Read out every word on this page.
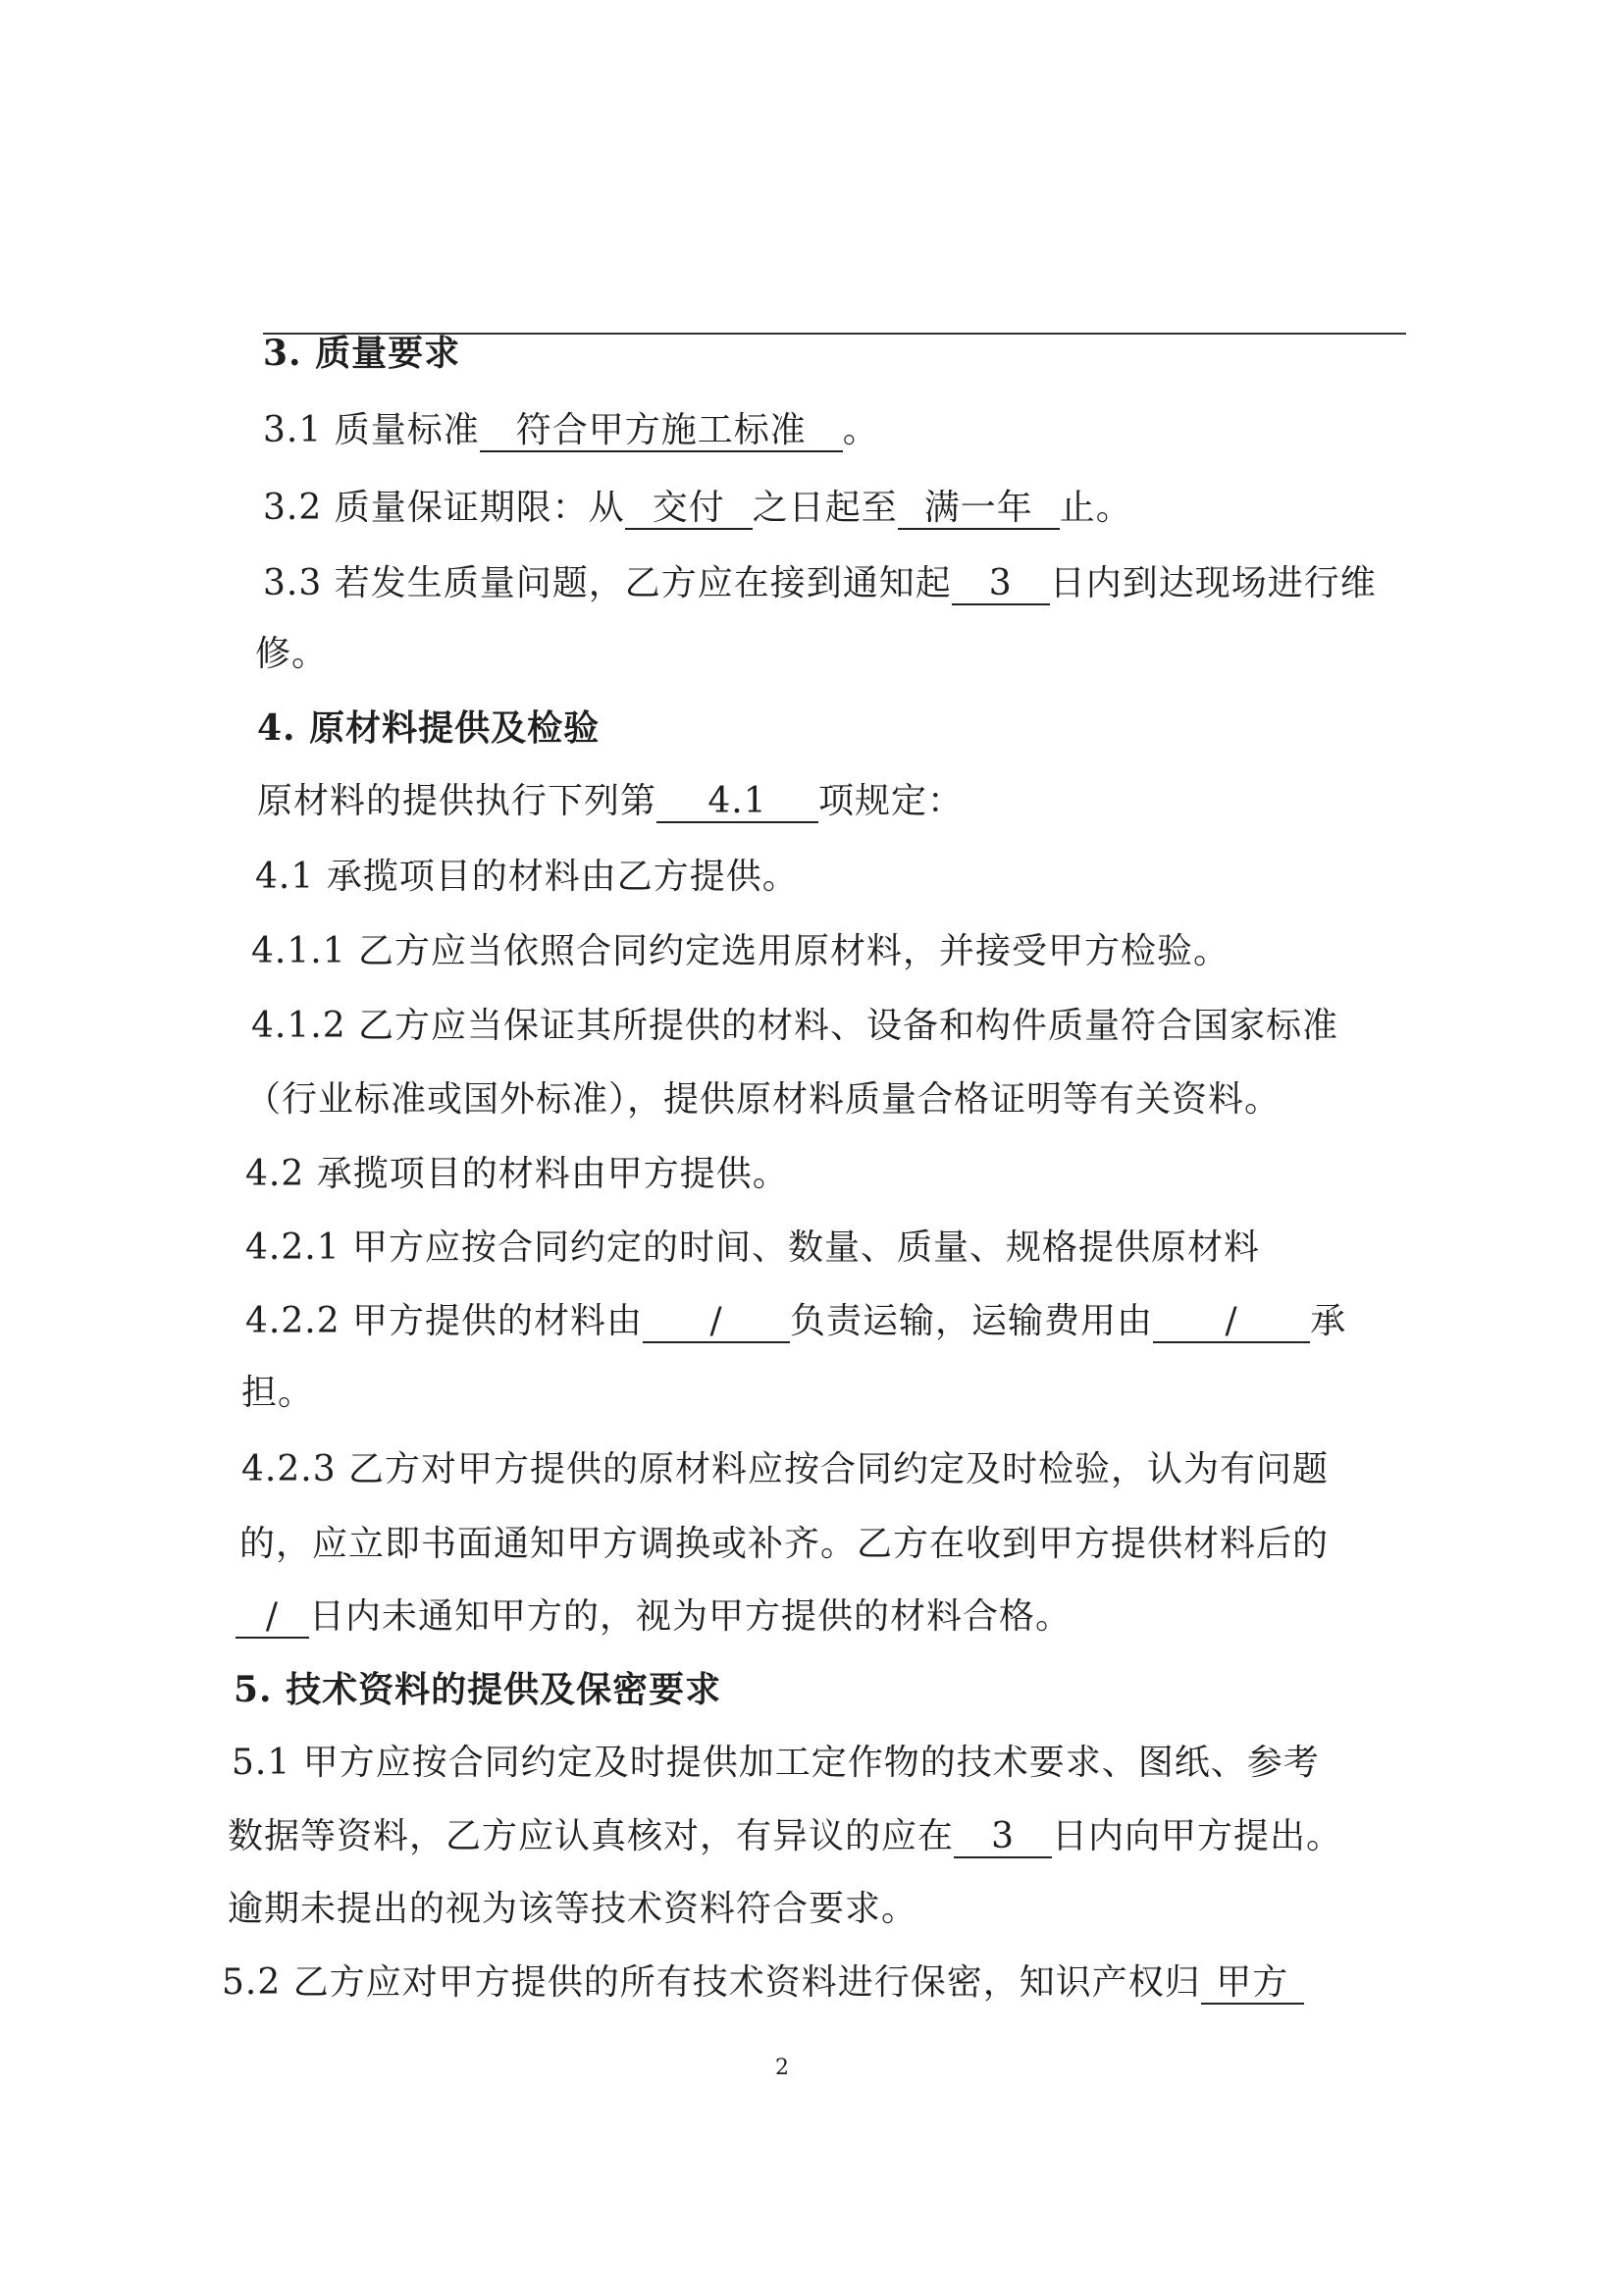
3. 质量要求
3.1 质量标准 符合甲方施工标准 。
3.2 质量保证期限：从 交付 之日起至 满一年 止。
3.3 若发生质量问题，乙方应在接到通知起 3 日内到达现场进行维
修。
4. 原材料提供及检验
原材料的提供执行下列第 4.1 项规定：
4.1 承揽项目的材料由乙方提供。
4.1.1 乙方应当依照合同约定选用原材料，并接受甲方检验。
4.1.2 乙方应当保证其所提供的材料、设备和构件质量符合国家标准
（行业标准或国外标准），提供原材料质量合格证明等有关资料。
4.2 承揽项目的材料由甲方提供。
4.2.1 甲方应按合同约定的时间、数量、质量、规格提供原材料
4.2.2 甲方提供的材料由 / 负责运输，运输费用由 / 承
担。
4.2.3 乙方对甲方提供的原材料应按合同约定及时检验，认为有问题
的，应立即书面通知甲方调换或补齐。乙方在收到甲方提供材料后的
/ 日内未通知甲方的，视为甲方提供的材料合格。
5. 技术资料的提供及保密要求
5.1 甲方应按合同约定及时提供加工定作物的技术要求、图纸、参考
数据等资料，乙方应认真核对，有异议的应在 3 日内向甲方提出。
逾期未提出的视为该等技术资料符合要求。
5.2 乙方应对甲方提供的所有技术资料进行保密，知识产权归 甲方
2
